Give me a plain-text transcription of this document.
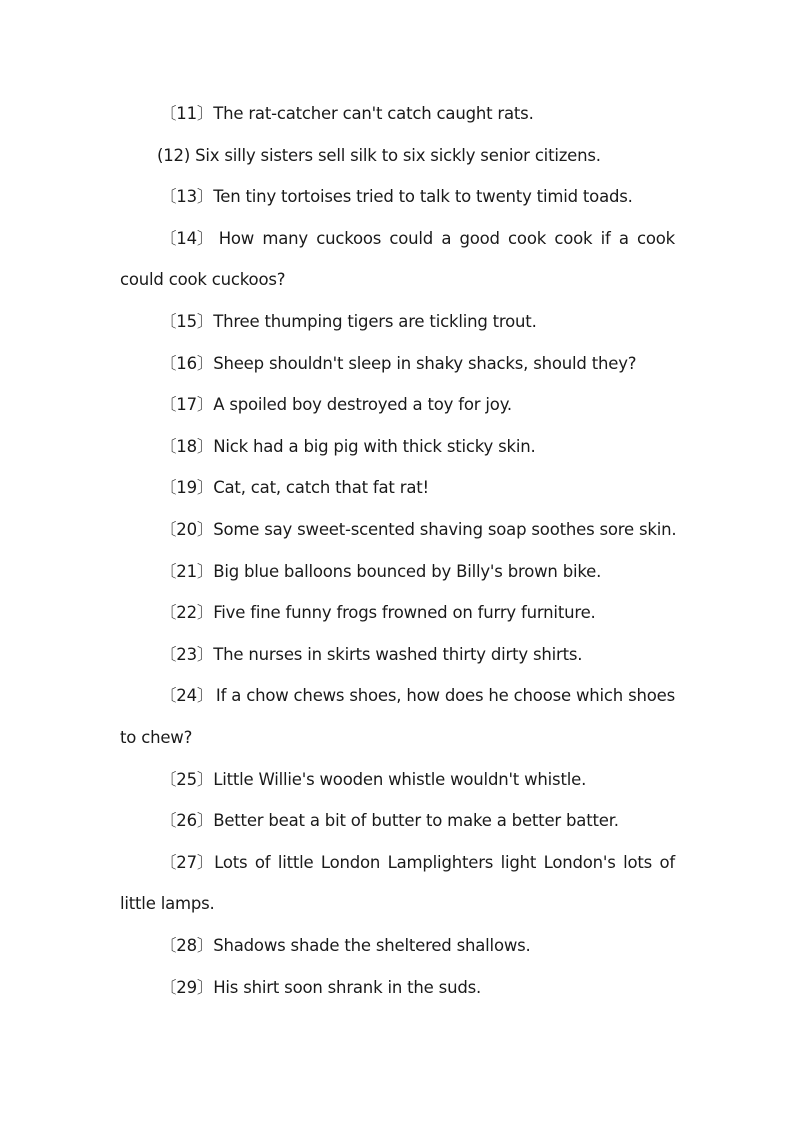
〔11〕The rat-catcher can't catch caught rats.
(12) Six silly sisters sell silk to six sickly senior citizens.
〔13〕Ten tiny tortoises tried to talk to twenty timid toads.
〔14〕 How many cuckoos could a good cook cook if a cook
could cook cuckoos?
〔15〕Three thumping tigers are tickling trout.
〔16〕Sheep shouldn't sleep in shaky shacks, should they?
〔17〕A spoiled boy destroyed a toy for joy.
〔18〕Nick had a big pig with thick sticky skin.
〔19〕Cat, cat, catch that fat rat!
〔20〕Some say sweet-scented shaving soap soothes sore skin.
〔21〕Big blue balloons bounced by Billy's brown bike.
〔22〕Five fine funny frogs frowned on furry furniture.
〔23〕The nurses in skirts washed thirty dirty shirts.
〔24〕 If a chow chews shoes, how does he choose which shoes
to chew?
〔25〕Little Willie's wooden whistle wouldn't whistle.
〔26〕Better beat a bit of butter to make a better batter.
〔27〕 Lots of little London Lamplighters light London's lots of
little lamps.
〔28〕Shadows shade the sheltered shallows.
〔29〕His shirt soon shrank in the suds.
